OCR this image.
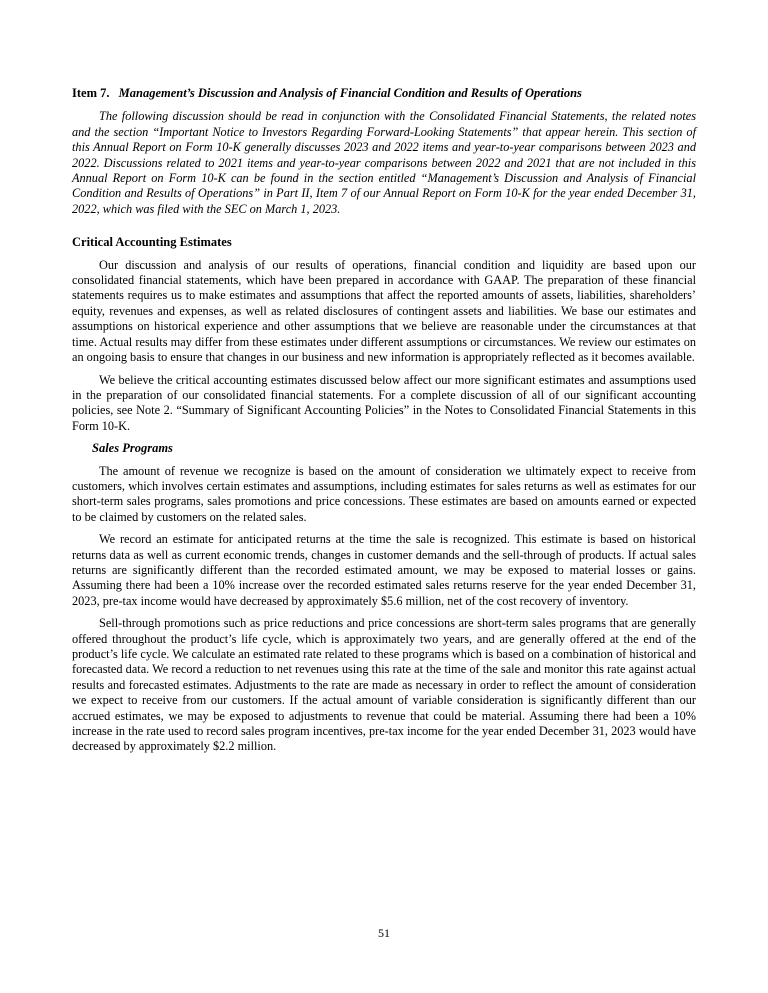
Item 7. Management’s Discussion and Analysis of Financial Condition and Results of Operations

The following discussion should be read in conjunction with the Consolidated Financial Statements, the related notes and the section “Important Notice to Investors Regarding Forward-Looking Statements” that appear herein. This section of this Annual Report on Form 10-K generally discusses 2023 and 2022 items and year-to-year comparisons between 2023 and 2022. Discussions related to 2021 items and year-to-year comparisons between 2022 and 2021 that are not included in this Annual Report on Form 10-K can be found in the section entitled “Management’s Discussion and Analysis of Financial Condition and Results of Operations” in Part II, Item 7 of our Annual Report on Form 10-K for the year ended December 31, 2022, which was filed with the SEC on March 1, 2023.

Critical Accounting Estimates

Our discussion and analysis of our results of operations, financial condition and liquidity are based upon our consolidated financial statements, which have been prepared in accordance with GAAP. The preparation of these financial statements requires us to make estimates and assumptions that affect the reported amounts of assets, liabilities, shareholders’ equity, revenues and expenses, as well as related disclosures of contingent assets and liabilities. We base our estimates and assumptions on historical experience and other assumptions that we believe are reasonable under the circumstances at that time. Actual results may differ from these estimates under different assumptions or circumstances. We review our estimates on an ongoing basis to ensure that changes in our business and new information is appropriately reflected as it becomes available.

We believe the critical accounting estimates discussed below affect our more significant estimates and assumptions used in the preparation of our consolidated financial statements. For a complete discussion of all of our significant accounting policies, see Note 2. “Summary of Significant Accounting Policies” in the Notes to Consolidated Financial Statements in this Form 10-K.

Sales Programs

The amount of revenue we recognize is based on the amount of consideration we ultimately expect to receive from customers, which involves certain estimates and assumptions, including estimates for sales returns as well as estimates for our short-term sales programs, sales promotions and price concessions. These estimates are based on amounts earned or expected to be claimed by customers on the related sales.

We record an estimate for anticipated returns at the time the sale is recognized. This estimate is based on historical returns data as well as current economic trends, changes in customer demands and the sell-through of products. If actual sales returns are significantly different than the recorded estimated amount, we may be exposed to material losses or gains. Assuming there had been a 10% increase over the recorded estimated sales returns reserve for the year ended December 31, 2023, pre-tax income would have decreased by approximately $5.6 million, net of the cost recovery of inventory.

Sell-through promotions such as price reductions and price concessions are short-term sales programs that are generally offered throughout the product’s life cycle, which is approximately two years, and are generally offered at the end of the product’s life cycle. We calculate an estimated rate related to these programs which is based on a combination of historical and forecasted data. We record a reduction to net revenues using this rate at the time of the sale and monitor this rate against actual results and forecasted estimates. Adjustments to the rate are made as necessary in order to reflect the amount of consideration we expect to receive from our customers. If the actual amount of variable consideration is significantly different than our accrued estimates, we may be exposed to adjustments to revenue that could be material. Assuming there had been a 10% increase in the rate used to record sales program incentives, pre-tax income for the year ended December 31, 2023 would have decreased by approximately $2.2 million.

51
